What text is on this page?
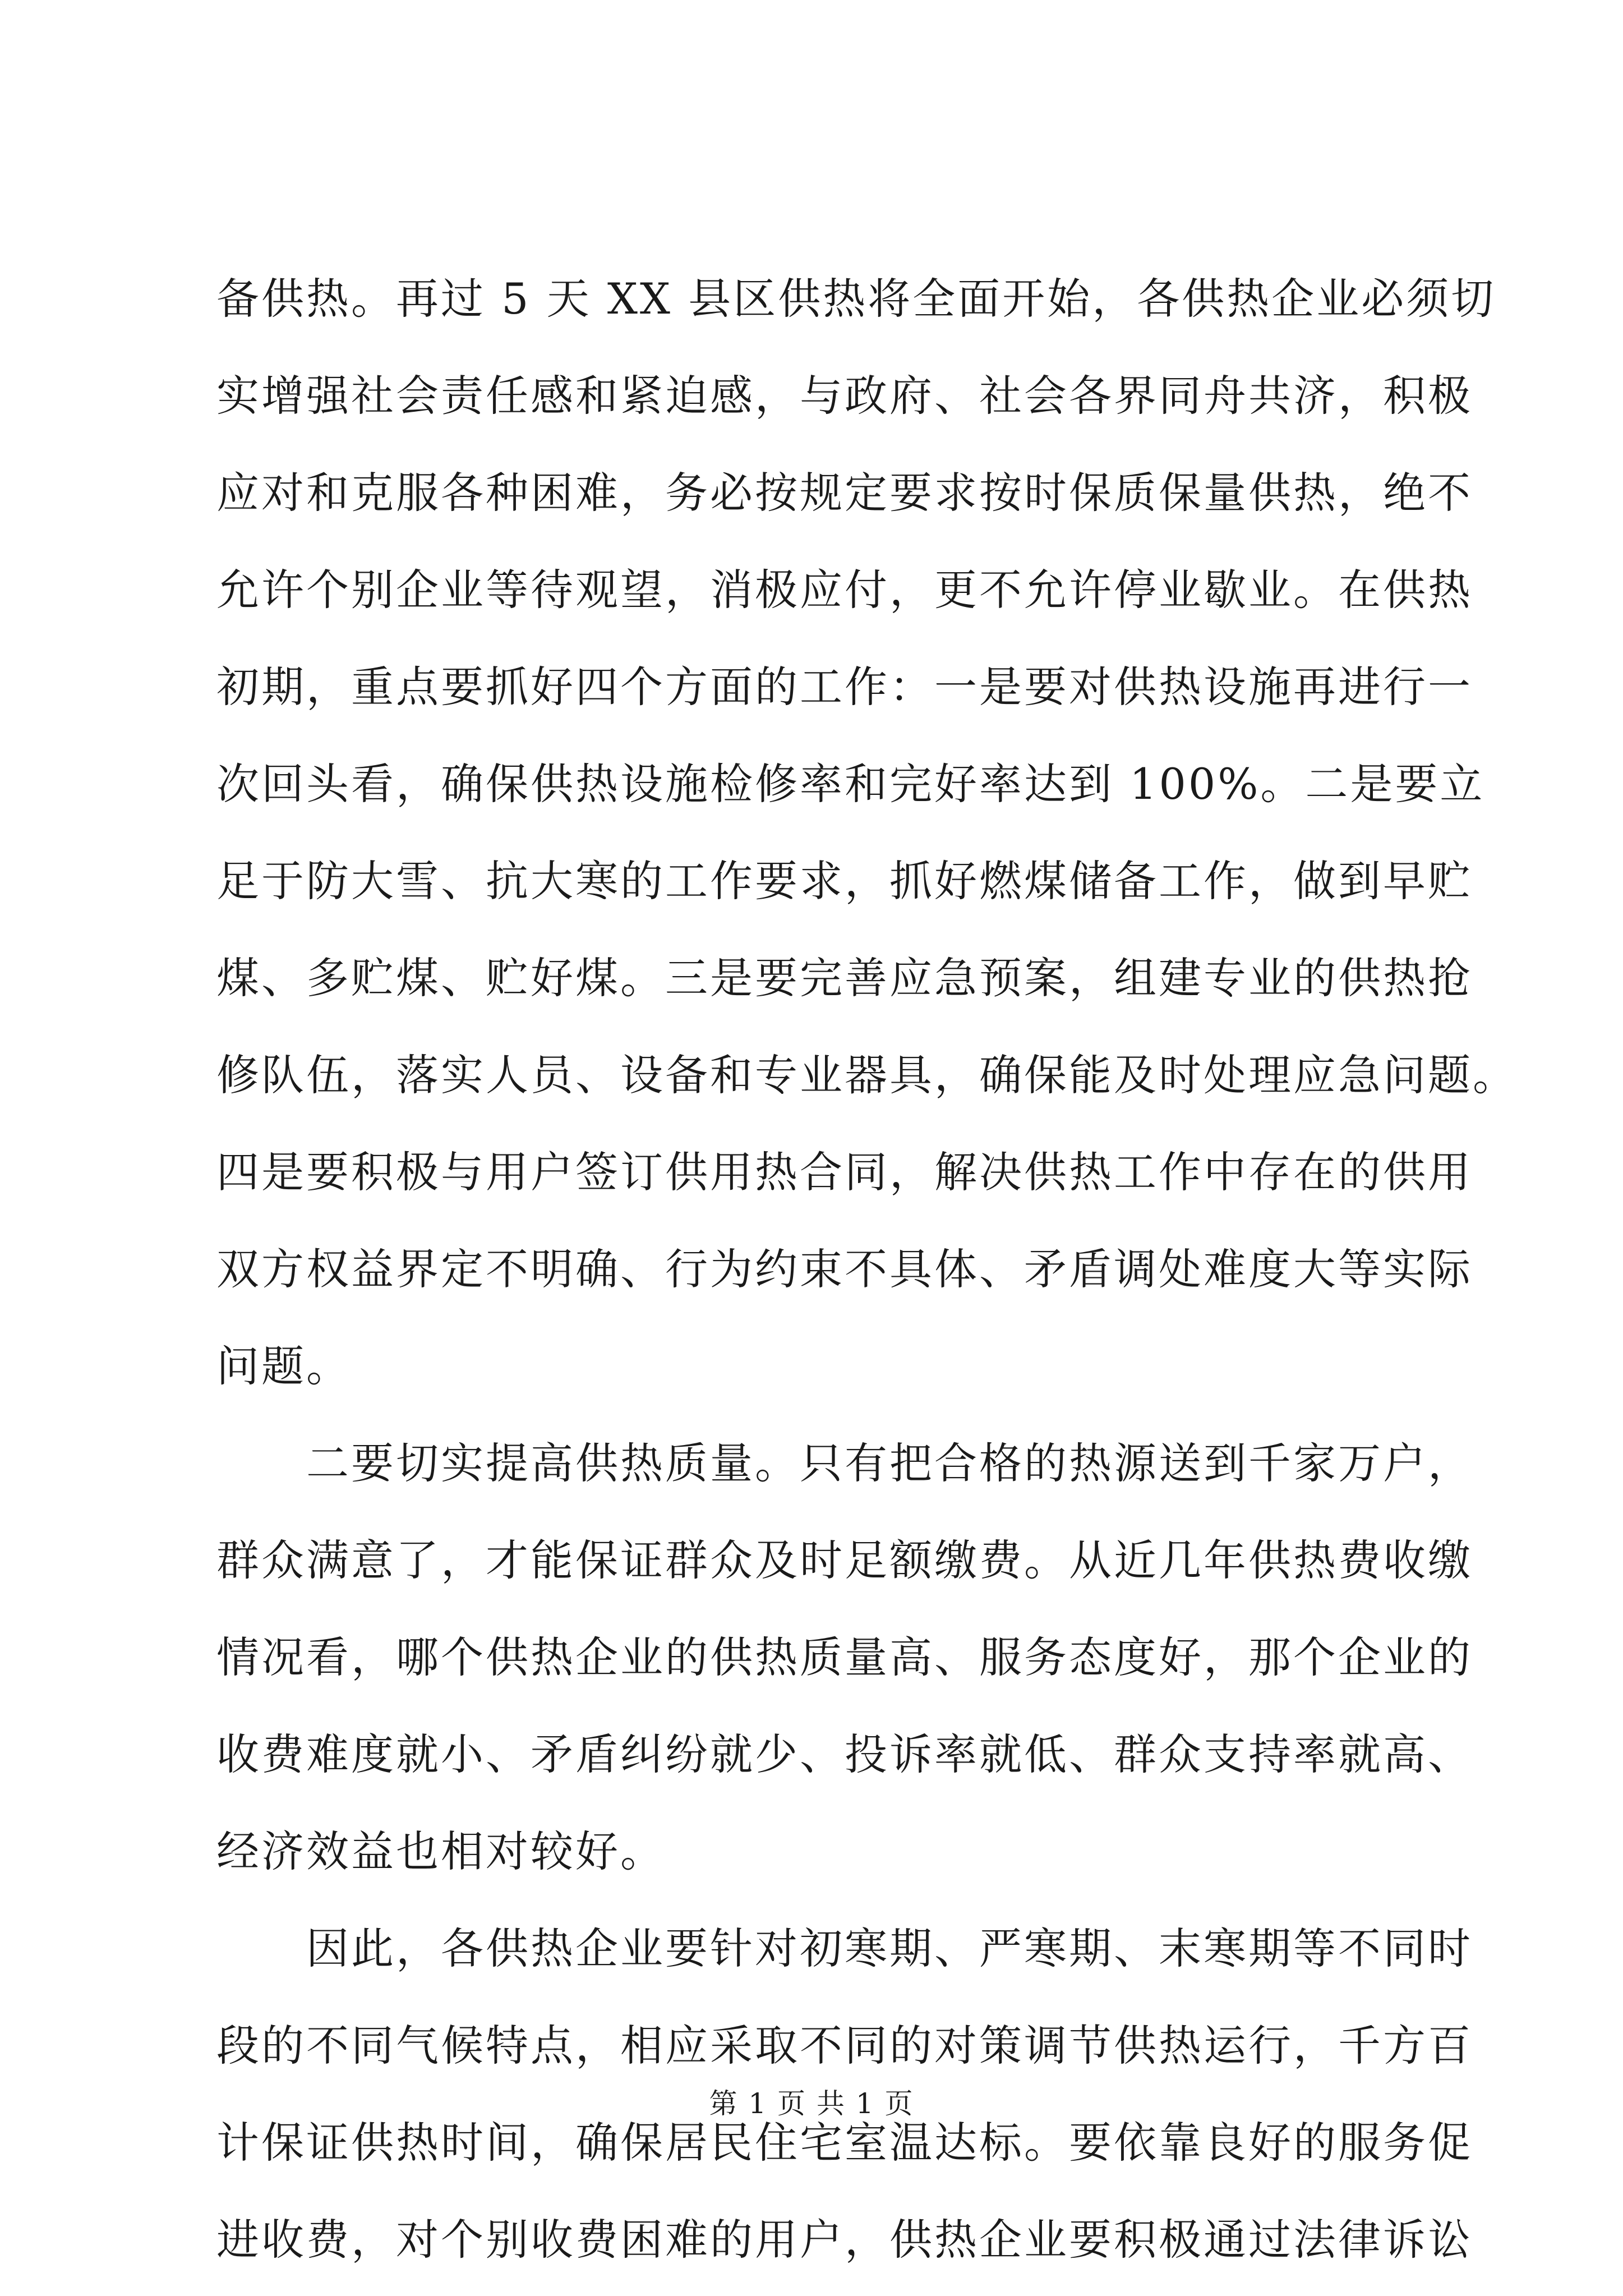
备供热。再过 5 天 XX 县区供热将全面开始，各供热企业必须切
实增强社会责任感和紧迫感，与政府、社会各界同舟共济，积极
应对和克服各种困难，务必按规定要求按时保质保量供热，绝不
允许个别企业等待观望，消极应付，更不允许停业歇业。在供热
初期，重点要抓好四个方面的工作：一是要对供热设施再进行一
次回头看，确保供热设施检修率和完好率达到 100%。二是要立
足于防大雪、抗大寒的工作要求，抓好燃煤储备工作，做到早贮
煤、多贮煤、贮好煤。三是要完善应急预案，组建专业的供热抢
修队伍，落实人员、设备和专业器具，确保能及时处理应急问题。
四是要积极与用户签订供用热合同，解决供热工作中存在的供用
双方权益界定不明确、行为约束不具体、矛盾调处难度大等实际
问题。
二要切实提高供热质量。只有把合格的热源送到千家万户，
群众满意了，才能保证群众及时足额缴费。从近几年供热费收缴
情况看，哪个供热企业的供热质量高、服务态度好，那个企业的
收费难度就小、矛盾纠纷就少、投诉率就低、群众支持率就高、
经济效益也相对较好。
因此，各供热企业要针对初寒期、严寒期、末寒期等不同时
段的不同气候特点，相应采取不同的对策调节供热运行，千方百
计保证供热时间，确保居民住宅室温达标。要依靠良好的服务促
进收费，对个别收费困难的用户，供热企业要积极通过法律诉讼
第 1 页 共 1 页
